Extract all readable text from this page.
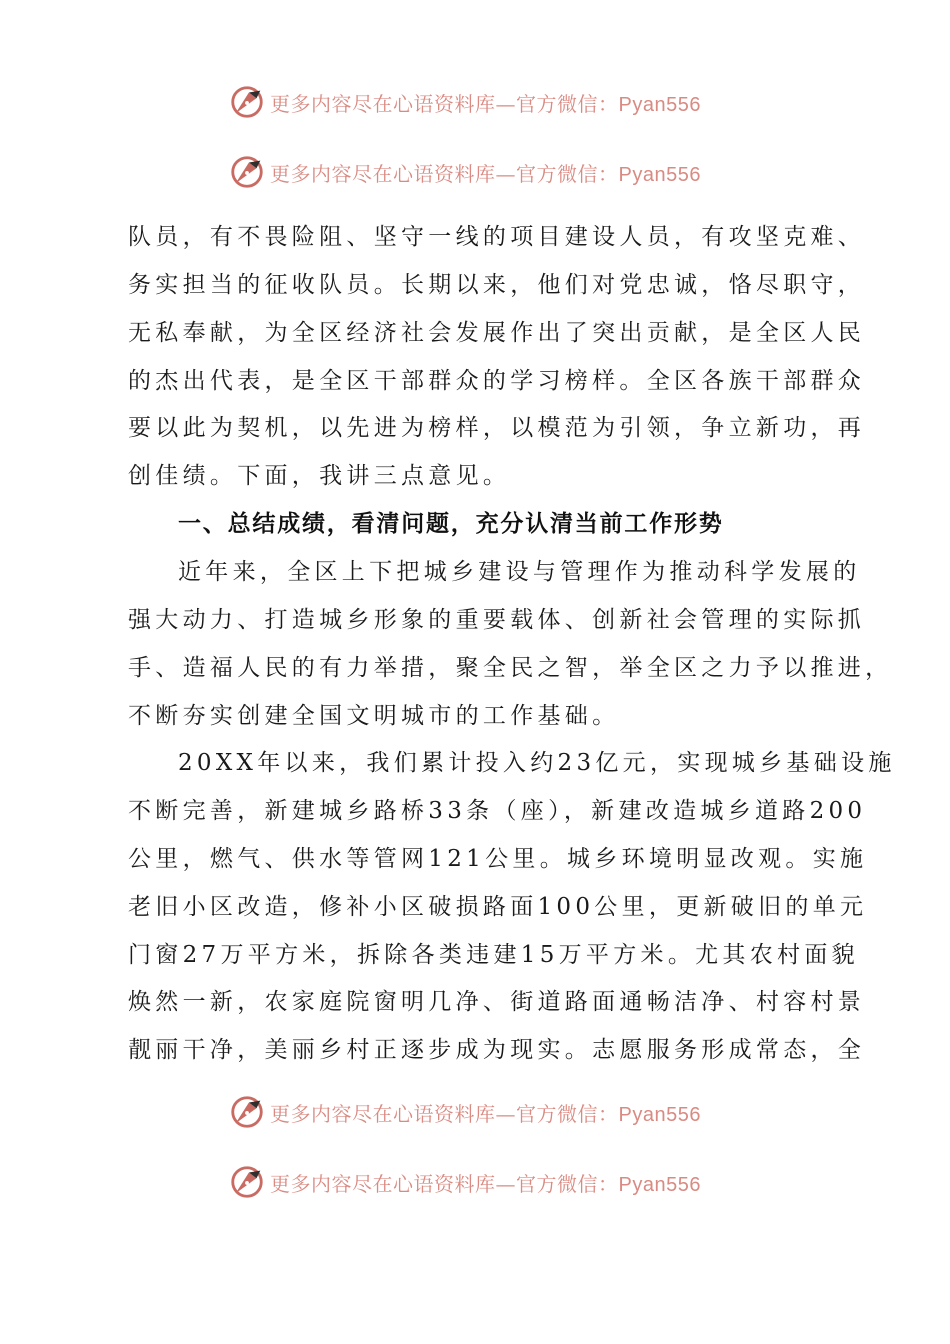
更多内容尽在心语资料库—官方微信：Pyan556
更多内容尽在心语资料库—官方微信：Pyan556
队员，有不畏险阻、坚守一线的项目建设人员，有攻坚克难、
务实担当的征收队员。长期以来，他们对党忠诚，恪尽职守，
无私奉献，为全区经济社会发展作出了突出贡献，是全区人民
的杰出代表，是全区干部群众的学习榜样。全区各族干部群众
要以此为契机，以先进为榜样，以模范为引领，争立新功，再
创佳绩。下面，我讲三点意见。
一、总结成绩，看清问题，充分认清当前工作形势
近年来，全区上下把城乡建设与管理作为推动科学发展的
强大动力、打造城乡形象的重要载体、创新社会管理的实际抓
手、造福人民的有力举措，聚全民之智，举全区之力予以推进，
不断夯实创建全国文明城市的工作基础。
20XX年以来，我们累计投入约23亿元，实现城乡基础设施
不断完善，新建城乡路桥33条（座），新建改造城乡道路200
公里，燃气、供水等管网121公里。城乡环境明显改观。实施
老旧小区改造，修补小区破损路面100公里，更新破旧的单元
门窗27万平方米，拆除各类违建15万平方米。尤其农村面貌
焕然一新，农家庭院窗明几净、街道路面通畅洁净、村容村景
靓丽干净，美丽乡村正逐步成为现实。志愿服务形成常态，全
更多内容尽在心语资料库—官方微信：Pyan556
更多内容尽在心语资料库—官方微信：Pyan556
